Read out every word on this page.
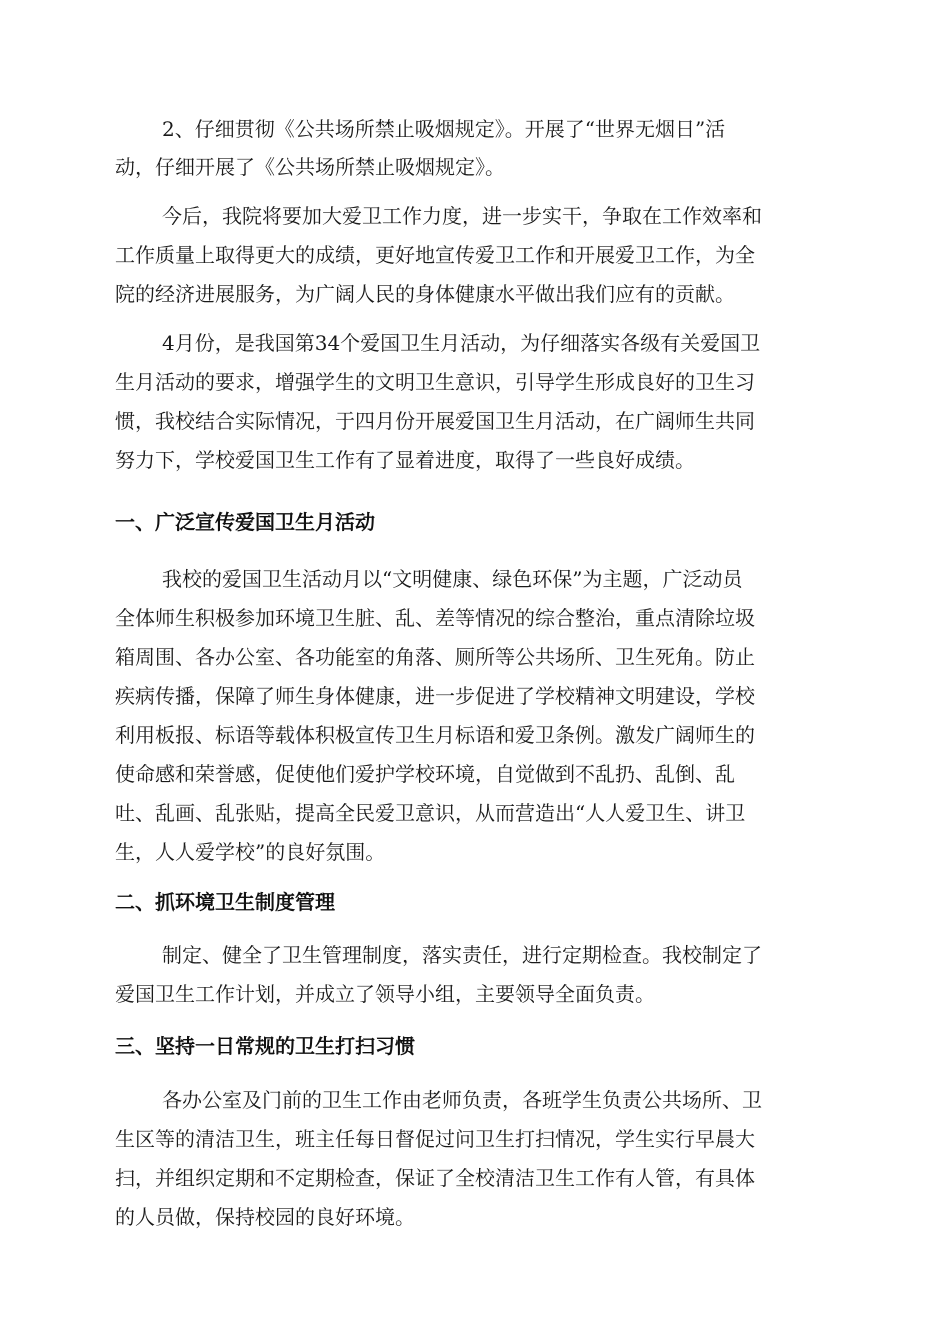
2、仔细贯彻《公共场所禁止吸烟规定》。开展了“世界无烟日”活

动，仔细开展了《公共场所禁止吸烟规定》。

今后，我院将要加大爱卫工作力度，进一步实干，争取在工作效率和

工作质量上取得更大的成绩，更好地宣传爱卫工作和开展爱卫工作，为全

院的经济进展服务，为广阔人民的身体健康水平做出我们应有的贡献。

4月份，是我国第34个爱国卫生月活动，为仔细落实各级有关爱国卫

生月活动的要求，增强学生的文明卫生意识，引导学生形成良好的卫生习

惯，我校结合实际情况，于四月份开展爱国卫生月活动，在广阔师生共同

努力下，学校爱国卫生工作有了显着进度，取得了一些良好成绩。

一、广泛宣传爱国卫生月活动

我校的爱国卫生活动月以“文明健康、绿色环保”为主题，广泛动员

全体师生积极参加环境卫生脏、乱、差等情况的综合整治，重点清除垃圾

箱周围、各办公室、各功能室的角落、厕所等公共场所、卫生死角。防止

疾病传播，保障了师生身体健康，进一步促进了学校精神文明建设，学校

利用板报、标语等载体积极宣传卫生月标语和爱卫条例。激发广阔师生的

使命感和荣誉感，促使他们爱护学校环境，自觉做到不乱扔、乱倒、乱

吐、乱画、乱张贴，提高全民爱卫意识，从而营造出“人人爱卫生、讲卫

生，人人爱学校”的良好氛围。

二、抓环境卫生制度管理

制定、健全了卫生管理制度，落实责任，进行定期检查。我校制定了

爱国卫生工作计划，并成立了领导小组，主要领导全面负责。

三、坚持一日常规的卫生打扫习惯

各办公室及门前的卫生工作由老师负责，各班学生负责公共场所、卫

生区等的清洁卫生，班主任每日督促过问卫生打扫情况，学生实行早晨大

扫，并组织定期和不定期检查，保证了全校清洁卫生工作有人管，有具体

的人员做，保持校园的良好环境。
